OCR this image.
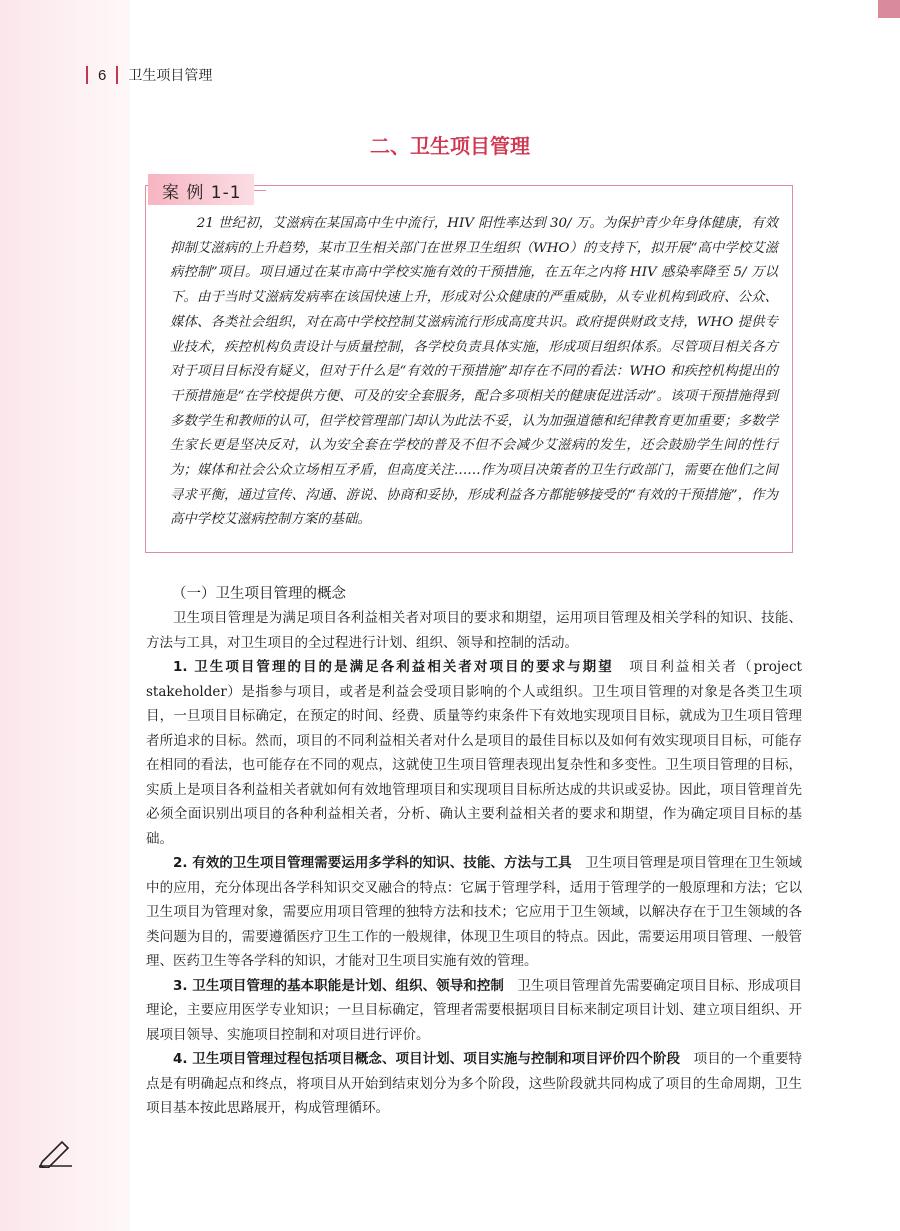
6 卫生项目管理
二、卫生项目管理
案 例 1-1

21 世纪初，艾滋病在某国高中生中流行，HIV 阳性率达到 30/ 万。为保护青少年身体健康，有效抑制艾滋病的上升趋势，某市卫生相关部门在世界卫生组织（WHO）的支持下，拟开展“高中学校艾滋病控制”项目。项目通过在某市高中学校实施有效的干预措施，在五年之内将 HIV 感染率降至 5/ 万以下。由于当时艾滋病发病率在该国快速上升，形成对公众健康的严重威胁，从专业机构到政府、公众、媒体、各类社会组织，对在高中学校控制艾滋病流行形成高度共识。政府提供财政支持，WHO 提供专业技术，疾控机构负责设计与质量控制，各学校负责具体实施，形成项目组织体系。尽管项目相关各方对于项目目标没有疑义，但对于什么是“有效的干预措施”却存在不同的看法：WHO 和疾控机构提出的干预措施是“在学校提供方便、可及的安全套服务，配合多项相关的健康促进活动”。该项干预措施得到多数学生和教师的认可，但学校管理部门却认为此法不妥，认为加强道德和纪律教育更加重要；多数学生家长更是坚决反对，认为安全套在学校的普及不但不会减少艾滋病的发生，还会鼓励学生间的性行为；媒体和社会公众立场相互矛盾，但高度关注……作为项目决策者的卫生行政部门，需要在他们之间寻求平衡，通过宣传、沟通、游说、协商和妥协，形成利益各方都能够接受的“有效的干预措施”，作为高中学校艾滋病控制方案的基础。

（一）卫生项目管理的概念

卫生项目管理是为满足项目各利益相关者对项目的要求和期望，运用项目管理及相关学科的知识、技能、方法与工具，对卫生项目的全过程进行计划、组织、领导和控制的活动。

1. 卫生项目管理的目的是满足各利益相关者对项目的要求与期望　项目利益相关者（project stakeholder）是指参与项目，或者是利益会受项目影响的个人或组织。卫生项目管理的对象是各类卫生项目，一旦项目目标确定，在预定的时间、经费、质量等约束条件下有效地实现项目目标，就成为卫生项目管理者所追求的目标。然而，项目的不同利益相关者对什么是项目的最佳目标以及如何有效实现项目目标，可能存在相同的看法，也可能存在不同的观点，这就使卫生项目管理表现出复杂性和多变性。卫生项目管理的目标，实质上是项目各利益相关者就如何有效地管理项目和实现项目目标所达成的共识或妥协。因此，项目管理首先必须全面识别出项目的各种利益相关者，分析、确认主要利益相关者的要求和期望，作为确定项目目标的基础。

2. 有效的卫生项目管理需要运用多学科的知识、技能、方法与工具　卫生项目管理是项目管理在卫生领域中的应用，充分体现出各学科知识交叉融合的特点：它属于管理学科，适用于管理学的一般原理和方法；它以卫生项目为管理对象，需要应用项目管理的独特方法和技术；它应用于卫生领域，以解决存在于卫生领域的各类问题为目的，需要遵循医疗卫生工作的一般规律，体现卫生项目的特点。因此，需要运用项目管理、一般管理、医药卫生等各学科的知识，才能对卫生项目实施有效的管理。

3. 卫生项目管理的基本职能是计划、组织、领导和控制　卫生项目管理首先需要确定项目目标、形成项目理论，主要应用医学专业知识；一旦目标确定，管理者需要根据项目目标来制定项目计划、建立项目组织、开展项目领导、实施项目控制和对项目进行评价。

4. 卫生项目管理过程包括项目概念、项目计划、项目实施与控制和项目评价四个阶段　项目的一个重要特点是有明确起点和终点，将项目从开始到结束划分为多个阶段，这些阶段就共同构成了项目的生命周期，卫生项目基本按此思路展开，构成管理循环。
